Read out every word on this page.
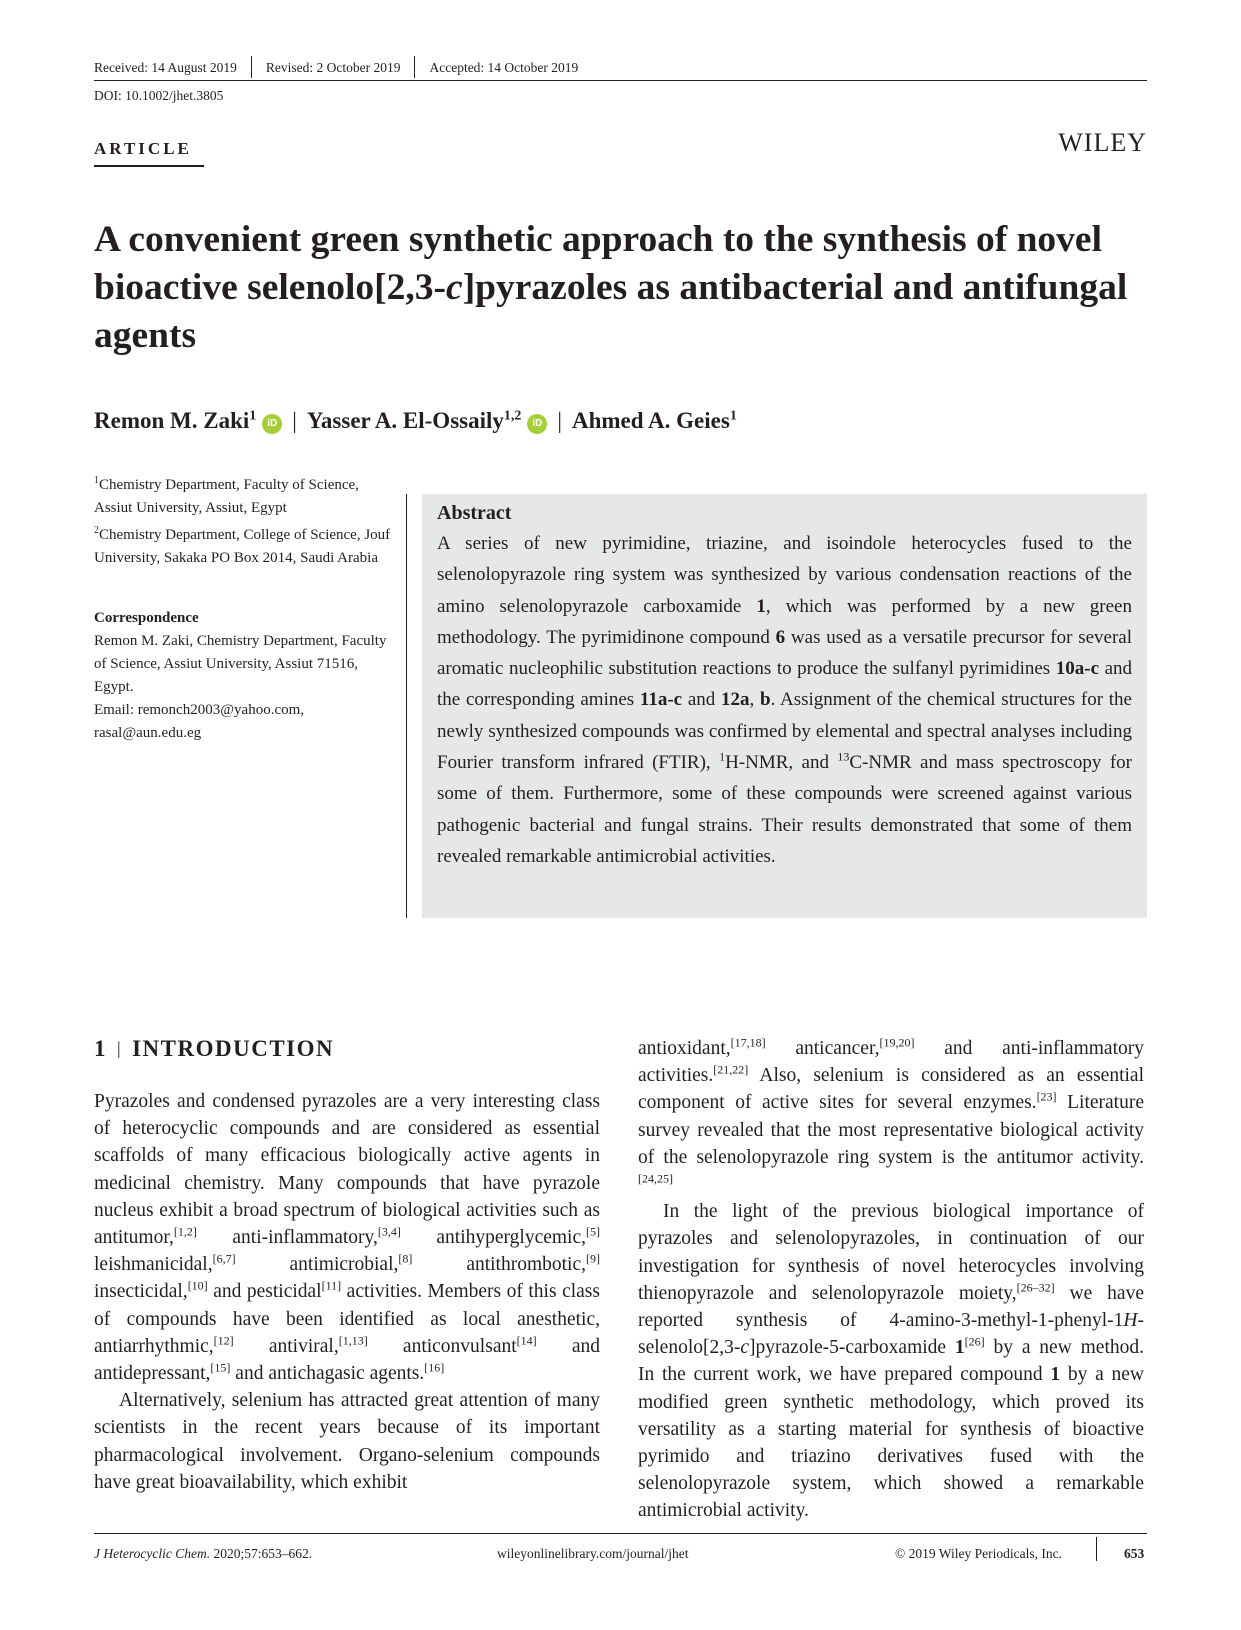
Received: 14 August 2019 Revised: 2 October 2019 Accepted: 14 October 2019
DOI: 10.1002/jhet.3805
ARTICLE	WILEY
A convenient green synthetic approach to the synthesis of novel bioactive selenolo[2,3-c]pyrazoles as antibacterial and antifungal agents
Remon M. Zaki$^1$iD | Yasser A. El-Ossaily$^{1,2}$iD | Ahmed A. Geies$^1$
$^1$Chemistry Department, Faculty of Science, Assiut University, Assiut, Egypt
$^2$Chemistry Department, College of Science, Jouf University, Sakaka PO Box 2014, Saudi Arabia
Correspondence
Remon M. Zaki, Chemistry Department, Faculty of Science, Assiut University, Assiut 71516, Egypt.
Email: remonch2003@yahoo.com, rasal@aun.edu.eg
Abstract

A series of new pyrimidine, triazine, and isoindole heterocycles fused to the selenolopyrazole ring system was synthesized by various condensation reactions of the amino selenolopyrazole carboxamide 1, which was performed by a new green methodology. The pyrimidinone compound 6 was used as a versatile precursor for several aromatic nucleophilic substitution reactions to produce the sulfanyl pyrimidines 10a-c and the corresponding amines 11a-c and 12a, b. Assignment of the chemical structures for the newly synthesized compounds was confirmed by elemental and spectral analyses including Fourier transform infrared (FTIR), $^1$H-NMR, and $^{13}$C-NMR and mass spectroscopy for some of them. Furthermore, some of these compounds were screened against various pathogenic bacterial and fungal strains. Their results demonstrated that some of them revealed remarkable antimicrobial activities.

1 | INTRODUCTION

Pyrazoles and condensed pyrazoles are a very interesting class of heterocyclic compounds and are considered as essential scaffolds of many efficacious biologically active agents in medicinal chemistry. Many compounds that have pyrazole nucleus exhibit a broad spectrum of biological activities such as antitumor,[1,2] anti-inflammatory,[3,4] antihyperglycemic,[5] leishmanicidal,[6,7] antimicrobial,[8] antithrombotic,[9] insecticidal,[10] and pesticidal[11] activities. Members of this class of compounds have been identified as local anesthetic, antiarrhythmic,[12] antiviral,[1,13] anticonvulsant[14] and antidepressant,[15] and antichagasic agents.[16]

Alternatively, selenium has attracted great attention of many scientists in the recent years because of its important pharmacological involvement. Organo-selenium compounds have great bioavailability, which exhibit

antioxidant,[17,18] anticancer,[19,20] and anti-inflammatory activities.[21,22] Also, selenium is considered as an essential component of active sites for several enzymes.[23] Literature survey revealed that the most representative biological activity of the selenolopyrazole ring system is the antitumor activity.[24,25]

In the light of the previous biological importance of pyrazoles and selenolopyrazoles, in continuation of our investigation for synthesis of novel heterocycles involving thienopyrazole and selenolopyrazole moiety,[26–32] we have reported synthesis of 4-amino-3-methyl-1-phenyl-1H-selenolo[2,3-c]pyrazole-5-carboxamide 1[26] by a new method. In the current work, we have prepared compound 1 by a new modified green synthetic methodology, which proved its versatility as a starting material for synthesis of bioactive pyrimido and triazino derivatives fused with the selenolopyrazole system, which showed a remarkable antimicrobial activity.

J Heterocyclic Chem. 2020;57:653–662.	wileyonlinelibrary.com/journal/jhet	© 2019 Wiley Periodicals, Inc.	653
